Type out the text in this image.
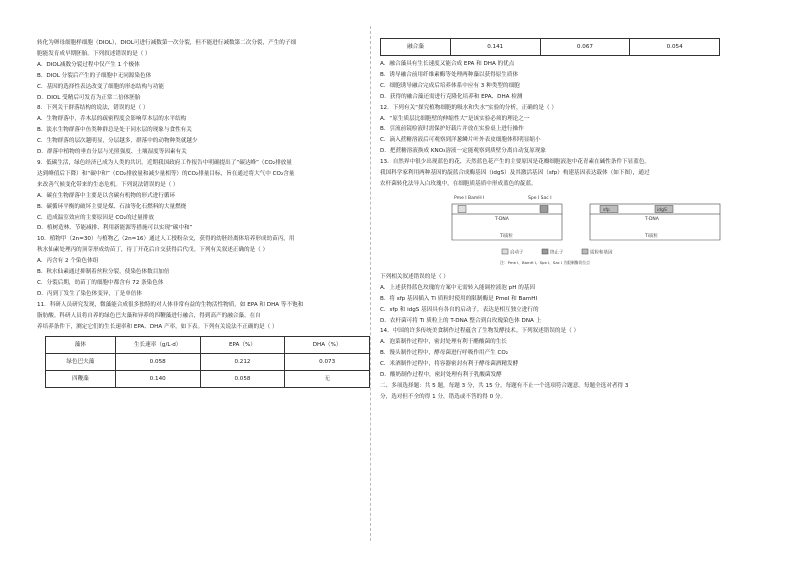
转化为卵母细胞样细胞（DIOL），DIOL可进行减数第一次分裂，但不能进行减数第二次分裂，产生的子细
胞能发育成早期胚胎。下列叙述错误的是（ ）
A．DIOL减数分裂过程中仅产生 1 个极体
B．DIOL 分裂后产生的子细胞中无同源染色体
C．基因的选择性表达改变了细胞的形态结构与功能
D．DIOL 受精后可发育为正常二倍体胚胎
8．下列关于群落结构的说法，错误的是（ ）
A．生物群落中，乔木层的疏密程度会影响草本层的水平结构
B．淡水生物群落中鱼类种群总是处于同水层的现象与食性有关
C．生物群落的层次越明显，分层越多，群落中的动物种类就越少
D．群落中植物的垂直分层与光照强度、土壤湿度等因素有关
9．低碳生活，绿色经济已成为人类的共识。近期我国政府工作报告中明确提出了“碳达峰”（CO₂排放量
达到峰值后下降）和“碳中和”（CO₂排放量和减少量相等）的CO₂排量目标，旨在通过将大气中 CO₂含量
来改善气候变化带来的生态危机。下列说法错误的是（ ）
A．碳在生物群落中主要是以含碳有机物的形式进行循环
B．碳循环平衡的破坏主要是煤、石油等化石燃料的大量燃烧
C．造成温室效应的主要原因是 CO₂的过量排放
D．植树造林、节能减排、利用新能源等措施可以实现“碳中和”
10．植物甲（2n=30）与植物乙（2n=16）通过人工授粉杂交，获得的幼胚经离体培养形成幼苗丙，用
秋水仙素处理丙的顶芽形成幼苗丁，待丁开花后自交获得后代戊。下列有关叙述正确的是（ ）
A．丙含有 2 个染色体组
B．秋水仙素通过抑制着丝粒分裂，使染色体数目加倍
C．分裂后期，幼苗丁的细胞中都含有 72 条染色体
D．丙到丁发生了染色体变异，丁是单倍体
11．科研人员研究发现，微藻能合成很多独特的对人体非常有益的生物活性物质，如 EPA 和 DHA 等不饱和
脂肪酸。科研人员将自养的绿色巴夫藻和异养的四鞭藻进行融合，得到高产的融合藻。在自
养培养条件下，测定它们的生长速率和 EPA、DHA 产率，如下表。下列有关说法不正确的是（ ）
藻体	生长速率（g/L·d）	EPA（%）	DHA（%）
绿色巴夫藻	0.058	0.212	0.073
四鞭藻	0.140	0.058	无
融合藻	0.141	0.067	0.054
A．融合藻具有生长速度又能合成 EPA 和 DHA 的优点
B．诱导融合前用纤维素酶等处理两种藻以获得原生质体
C．细胞诱导融合完成后培养体系中应有 3 种类型的细胞
D．获得的融合藻还需进行克隆化培养和 EPA、DHA 检测
12．下列有关“探究植物细胞的吸水和失水”实验的分析，正确的是（ ）
A．“原生质层比细胞壁的伸缩性大”是该实验必须的理论之一
B．引流前镜检液时需保护好载片并放在实验桌上进行操作
C．滴入蔗糖溶液后可观察到洋葱鳞片叶外表皮细胞体积明显缩小
D．把蔗糖溶液换成 KNO₃溶液一定能观察到质壁分离自动复原现象
13．自然界中很少出现蓝色的花，天然蓝色花产生的主要原因是花瓣细胞液泡中花青素在碱性条件下显蓝色。
我国科学家利用两种基因的靛蓝合成酶基因（idgS）及其激活基因（sfp）构建基因表达载体（如下图），通过
农杆菌转化法导入白玫瑰中，在细胞质基质中形成蓝色的靛蓝。
Pme I BamH I	Spe I Sac I
T-DNA
Ti质粒
sfp	idgS
T-DNA
Ti质粒
启动子	终止子	质粒和基因
注：Pme I、BamH I、Spe I、Sac I 为限制酶切位点
下列相关叙述错误的是（ ）
A．上述获得蓝色玫瑰的方案中无需转入能调控液泡 pH 的基因
B．将 sfp 基因插入 Ti 质粒时使用的限制酶是 PmeI 和 BamHI
C．sfp 和 idgS 基因具有各自的启动子，表达是相互独立进行的
D．农杆菌可将 Ti 质粒上的 T-DNA 整合到白玫瑰染色体 DNA 上
14．中国的许多传统美食制作过程蕴含了生物发酵技术。下列叙述错误的是（ ）
A．泡菜制作过程中，密封处理有利于醋酸菌的生长
B．馒头制作过程中，酵母菌进行呼吸作用产生 CO₂
C．米酒制作过程中，将容器密封有利于酵母菌酒精发酵
D．酸奶制作过程中，密封处理有利于乳酸菌发酵
二、多项选择题：共 5 题，每题 3 分，共 15 分。每题有不止一个选项符合题意。每题全选对者得 3
分，选对但不全的得 1 分，错选或不答的得 0 分。
